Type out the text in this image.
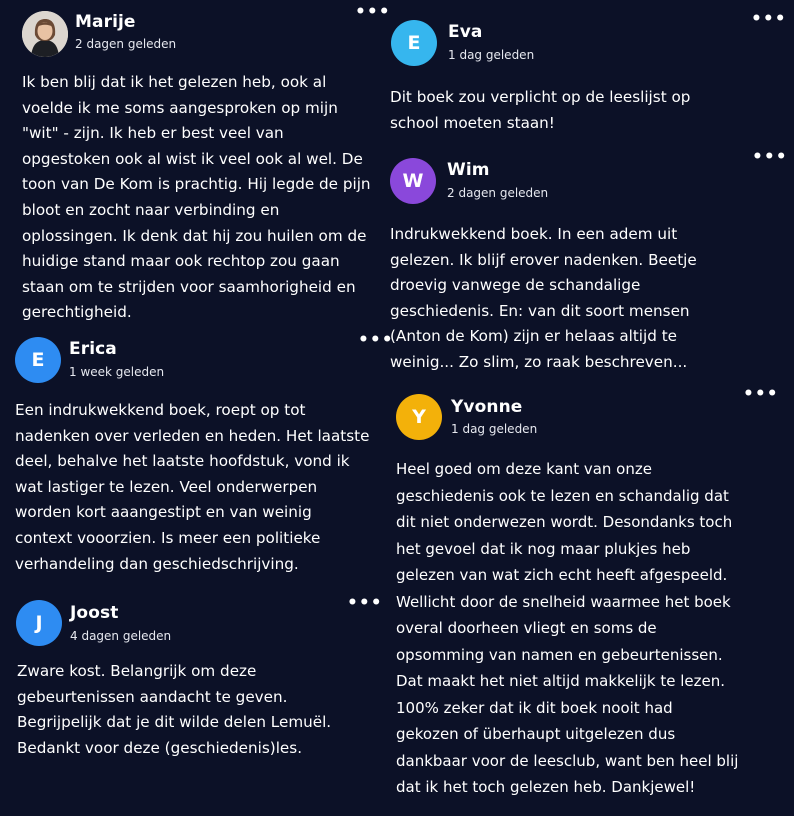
Marije
2 dagen geleden
•••
Ik ben blij dat ik het gelezen heb, ook al
voelde ik me soms aangesproken op mijn
"wit" - zijn. Ik heb er best veel van
opgestoken ook al wist ik veel ook al wel. De
toon van De Kom is prachtig. Hij legde de pijn
bloot en zocht naar verbinding en
oplossingen. Ik denk dat hij zou huilen om de
huidige stand maar ook rechtop zou gaan
staan om te strijden voor saamhorigheid en
gerechtigheid.
E Erica
1 week geleden
•••
Een indrukwekkend boek, roept op tot
nadenken over verleden en heden. Het laatste
deel, behalve het laatste hoofdstuk, vond ik
wat lastiger te lezen. Veel onderwerpen
worden kort aaangestipt en van weinig
context vooorzien. Is meer een politieke
verhandeling dan geschiedschrijving.
J Joost
4 dagen geleden
•••
Zware kost. Belangrijk om deze
gebeurtenissen aandacht te geven.
Begrijpelijk dat je dit wilde delen Lemuël.
Bedankt voor deze (geschiedenis)les.
E Eva
1 dag geleden
•••
Dit boek zou verplicht op de leeslijst op
school moeten staan!
W Wim
2 dagen geleden
•••
Indrukwekkend boek. In een adem uit
gelezen. Ik blijf erover nadenken. Beetje
droevig vanwege de schandalige
geschiedenis. En: van dit soort mensen
(Anton de Kom) zijn er helaas altijd te
weinig... Zo slim, zo raak beschreven...
Y Yvonne
1 dag geleden
•••
Heel goed om deze kant van onze
geschiedenis ook te lezen en schandalig dat
dit niet onderwezen wordt. Desondanks toch
het gevoel dat ik nog maar plukjes heb
gelezen van wat zich echt heeft afgespeeld.
Wellicht door de snelheid waarmee het boek
overal doorheen vliegt en soms de
opsomming van namen en gebeurtenissen.
Dat maakt het niet altijd makkelijk te lezen.
100% zeker dat ik dit boek nooit had
gekozen of überhaupt uitgelezen dus
dankbaar voor de leesclub, want ben heel blij
dat ik het toch gelezen heb. Dankjewel!
